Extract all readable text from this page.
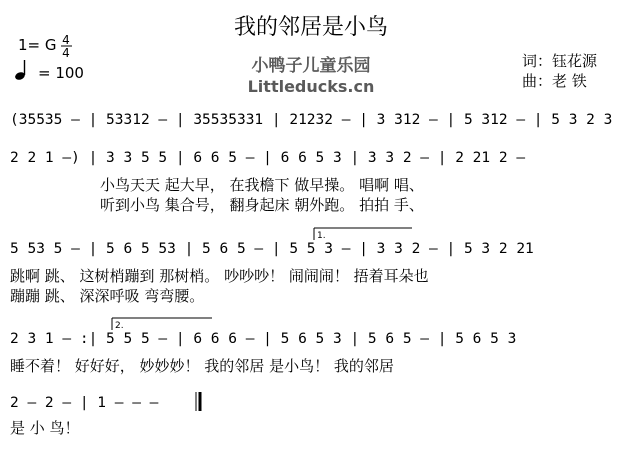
我的邻居是小鸟
1= G 4
4
= 100
词：钰花源
曲：老 铁
小鸭子儿童乐园
Littleducks.cn
(35535 – | 53312 – | 35535331 | 21232 – | 3 312 – | 5 312 – | 5 3 2 3
2 2 1 –) | 3 3 5 5 | 6 6 5 – | 6 6 5 3 | 3 3 2 – | 2 21 2 –
小鸟天天 起大早， 在我檐下 做早操。 唱啊 唱、
听到小鸟 集合号， 翻身起床 朝外跑。 拍拍 手、
1.
5 53 5 – | 5 6 5 53 | 5 6 5 – | 5 5 3 – | 3 3 2 – | 5 3 2 21
跳啊 跳、 这树梢蹦到 那树梢。 吵吵吵！ 闹闹闹！ 捂着耳朵也
蹦蹦 跳、 深深呼吸 弯弯腰。
2.
2 3 1 – :| 5 5 5 – | 6 6 6 – | 5 6 5 3 | 5 6 5 – | 5 6 5 3
睡不着！ 好好好， 妙妙妙！ 我的邻居 是小鸟！ 我的邻居
2 – 2 – | 1 – – –
是 小 鸟！
